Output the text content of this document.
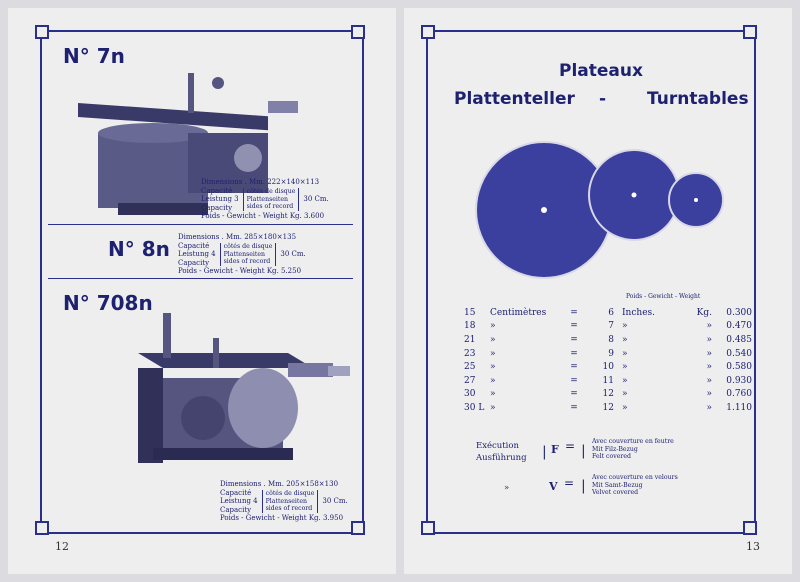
N° 7n
Dimensions . Mm. 222×140×113
Capacité
Leistung 3
Capacity
côtés de disque
Plattenseiten
sides of record
30 Cm.
Poids - Gewicht - Weight Kg. 3.600
N° 8n Dimensions . Mm. 285×180×135
Capacité
Leistung 4
Capacity
côtés de disque
Plattenseiten
sides of record
30 Cm.
Poids - Gewicht - Weight Kg. 5.250
N° 708n
Dimensions . Mm. 205×158×130
Capacité
Leistung 4
Capacity
côtés de disque
Plattenseiten
sides of record
30 Cm.
Poids - Gewicht - Weight Kg. 3.950
12
Plateaux
Plattenteller - Turntables
Poids - Gewicht - Weight
15	Centimètres	=	6	Inches.	Kg.	0.300
18	»	=	7	»	»	0.470
21	»	=	8	»	»	0.485
23	»	=	9	»	»	0.540
25	»	=	10	»	»	0.580
27	»	=	11	»	»	0.930
30	»	=	12	»	»	0.760
30 L	»	=	12	»	»	1.110
Exécution
Ausführung | F = |
Avec couverture en feutre
Mit Filz-Bezug
Felt covered
»	V = |
Avec couverture en velours
Mit Samt-Bezug
Velvet covered
13
